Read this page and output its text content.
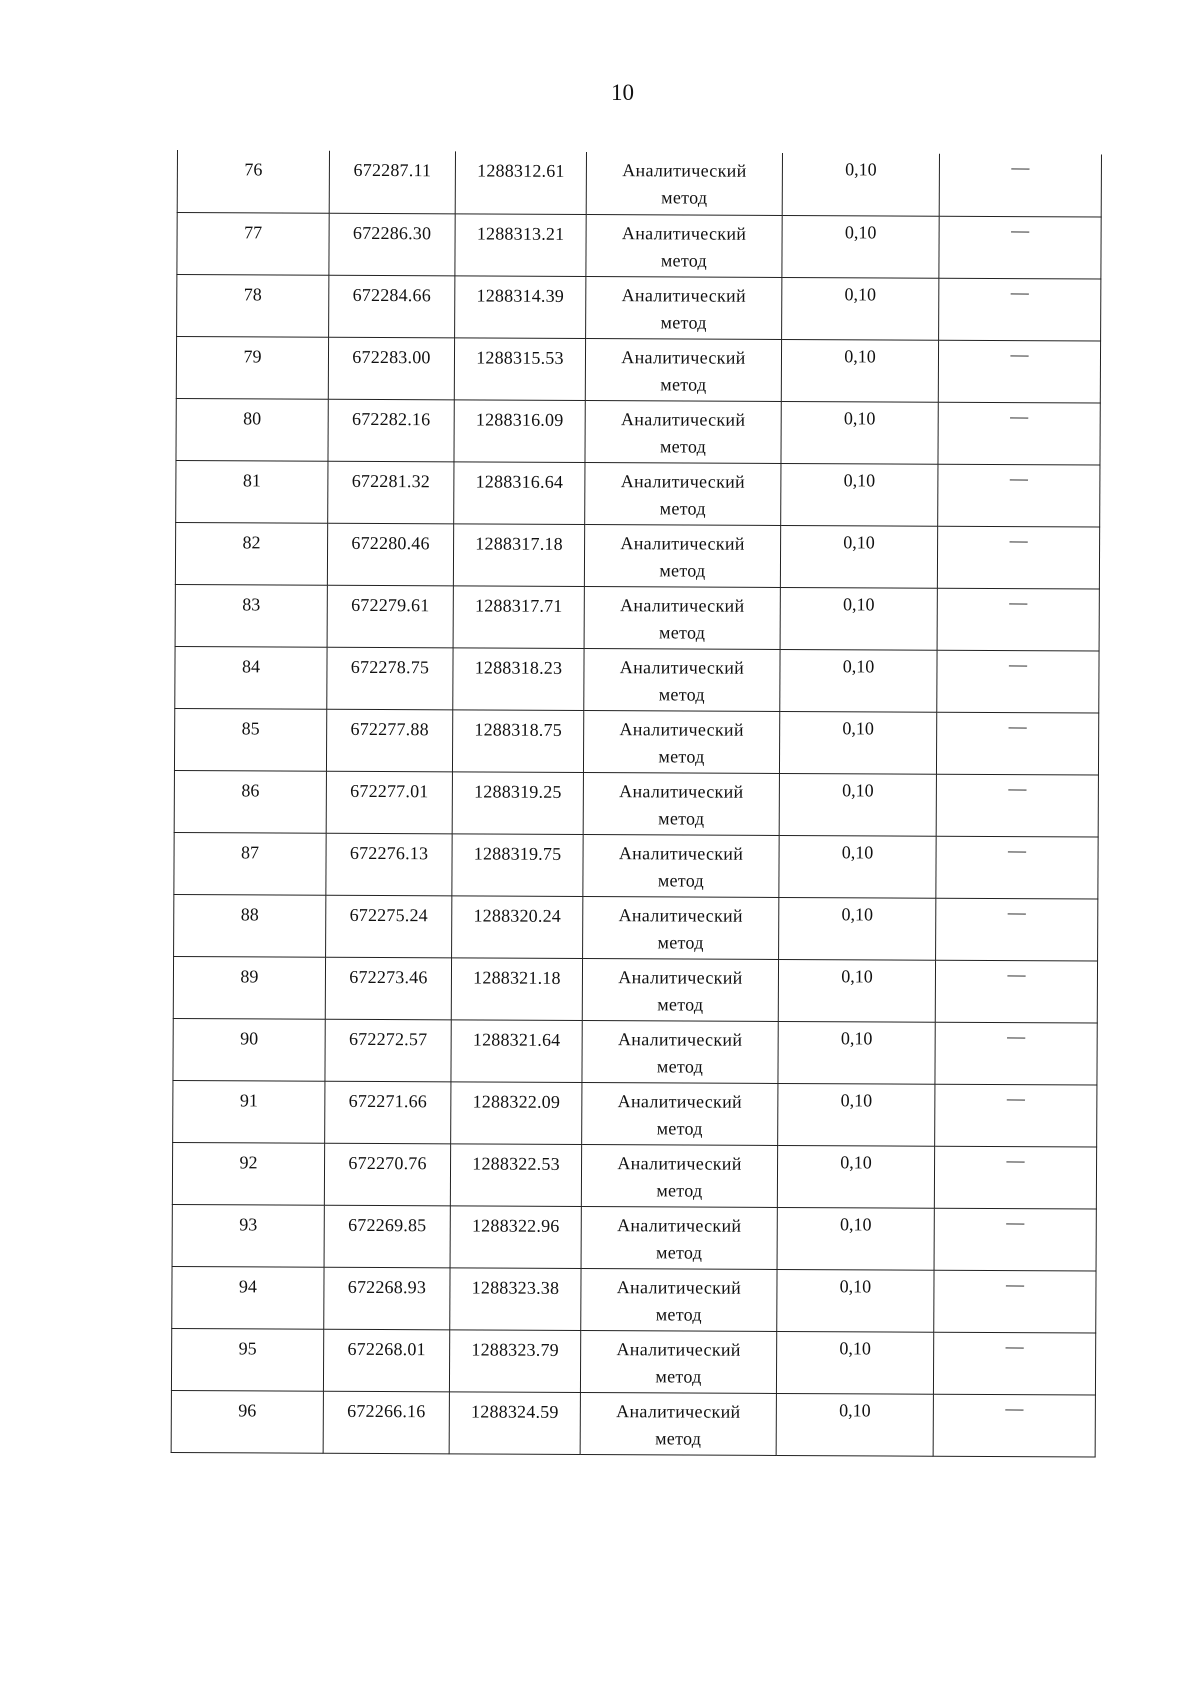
10
76	672287.11	1288312.61	Аналитический
метод	0,10	—

77	672286.30	1288313.21	Аналитический
метод	0,10	—

78	672284.66	1288314.39	Аналитический
метод	0,10	—

79	672283.00	1288315.53	Аналитический
метод	0,10	—

80	672282.16	1288316.09	Аналитический
метод	0,10	—

81	672281.32	1288316.64	Аналитический
метод	0,10	—

82	672280.46	1288317.18	Аналитический
метод	0,10	—

83	672279.61	1288317.71	Аналитический
метод	0,10	—

84	672278.75	1288318.23	Аналитический
метод	0,10	—

85	672277.88	1288318.75	Аналитический
метод	0,10	—

86	672277.01	1288319.25	Аналитический
метод	0,10	—

87	672276.13	1288319.75	Аналитический
метод	0,10	—

88	672275.24	1288320.24	Аналитический
метод	0,10	—

89	672273.46	1288321.18	Аналитический
метод	0,10	—

90	672272.57	1288321.64	Аналитический
метод	0,10	—

91	672271.66	1288322.09	Аналитический
метод	0,10	—

92	672270.76	1288322.53	Аналитический
метод	0,10	—

93	672269.85	1288322.96	Аналитический
метод	0,10	—

94	672268.93	1288323.38	Аналитический
метод	0,10	—

95	672268.01	1288323.79	Аналитический
метод	0,10	—

96	672266.16	1288324.59	Аналитический
метод	0,10	—
